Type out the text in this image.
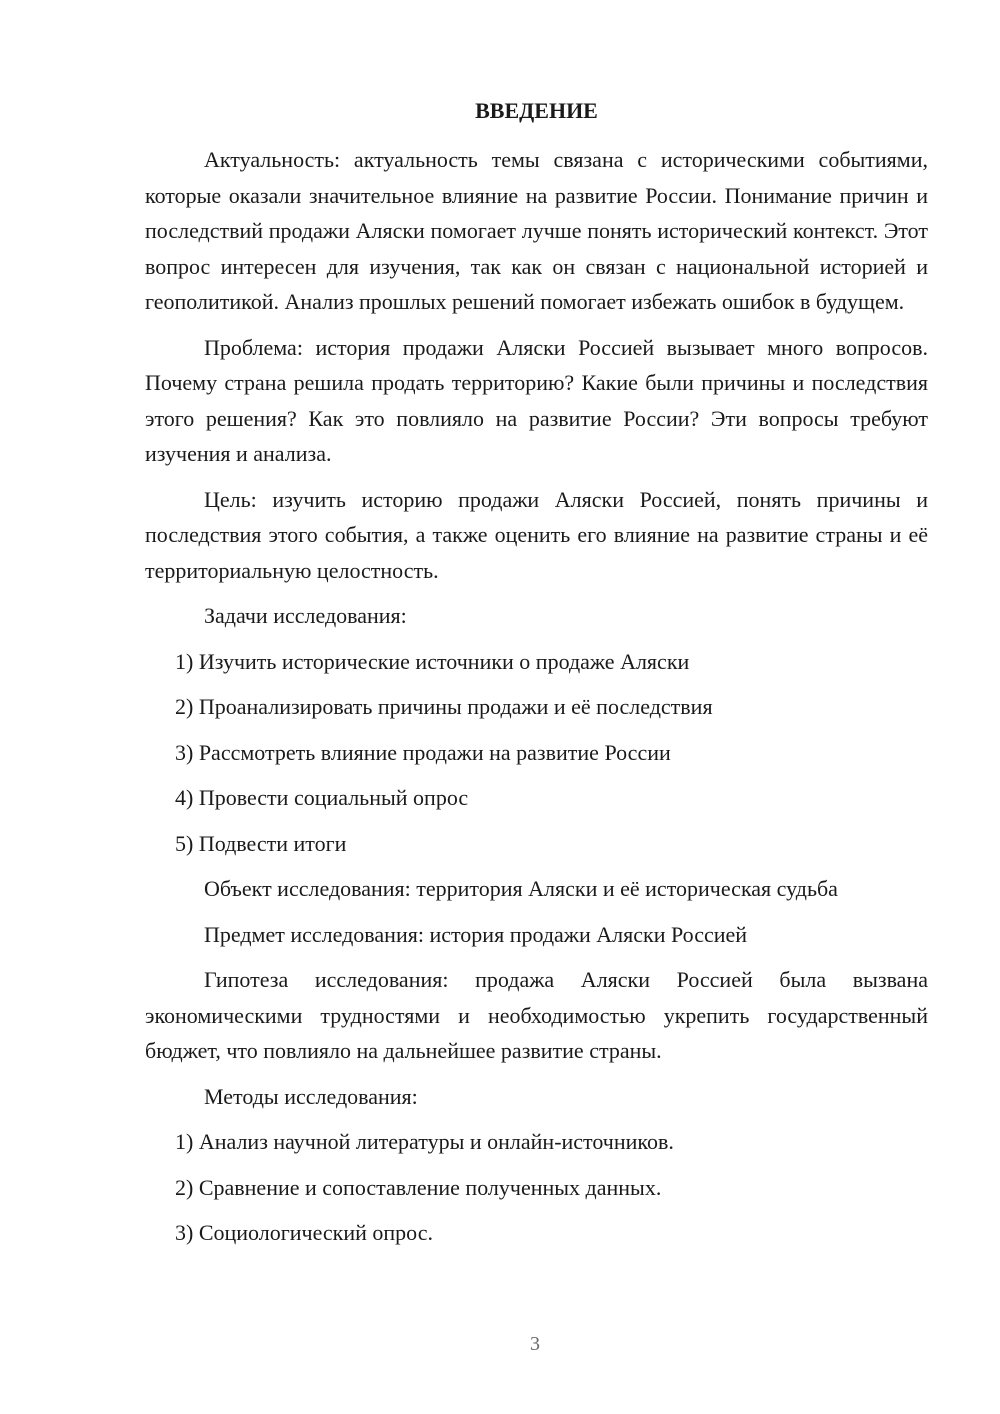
ВВЕДЕНИЕ

Актуальность: актуальность темы связана с историческими событиями, которые оказали значительное влияние на развитие России. Понимание причин и последствий продажи Аляски помогает лучше понять исторический контекст. Этот вопрос интересен для изучения, так как он связан с национальной историей и геополитикой. Анализ прошлых решений помогает избежать ошибок в будущем.

Проблема: история продажи Аляски Россией вызывает много вопросов. Почему страна решила продать территорию? Какие были причины и последствия этого решения? Как это повлияло на развитие России? Эти вопросы требуют изучения и анализа.

Цель: изучить историю продажи Аляски Россией, понять причины и последствия этого события, а также оценить его влияние на развитие страны и её территориальную целостность.

Задачи исследования:

1) Изучить исторические источники о продаже Аляски

2) Проанализировать причины продажи и её последствия

3) Рассмотреть влияние продажи на развитие России

4) Провести социальный опрос

5) Подвести итоги

Объект исследования: территория Аляски и её историческая судьба

Предмет исследования: история продажи Аляски Россией

Гипотеза исследования: продажа Аляски Россией была вызвана экономическими трудностями и необходимостью укрепить государственный бюджет, что повлияло на дальнейшее развитие страны.

Методы исследования:

1) Анализ научной литературы и онлайн-источников.

2) Сравнение и сопоставление полученных данных.

3) Социологический опрос.

3
